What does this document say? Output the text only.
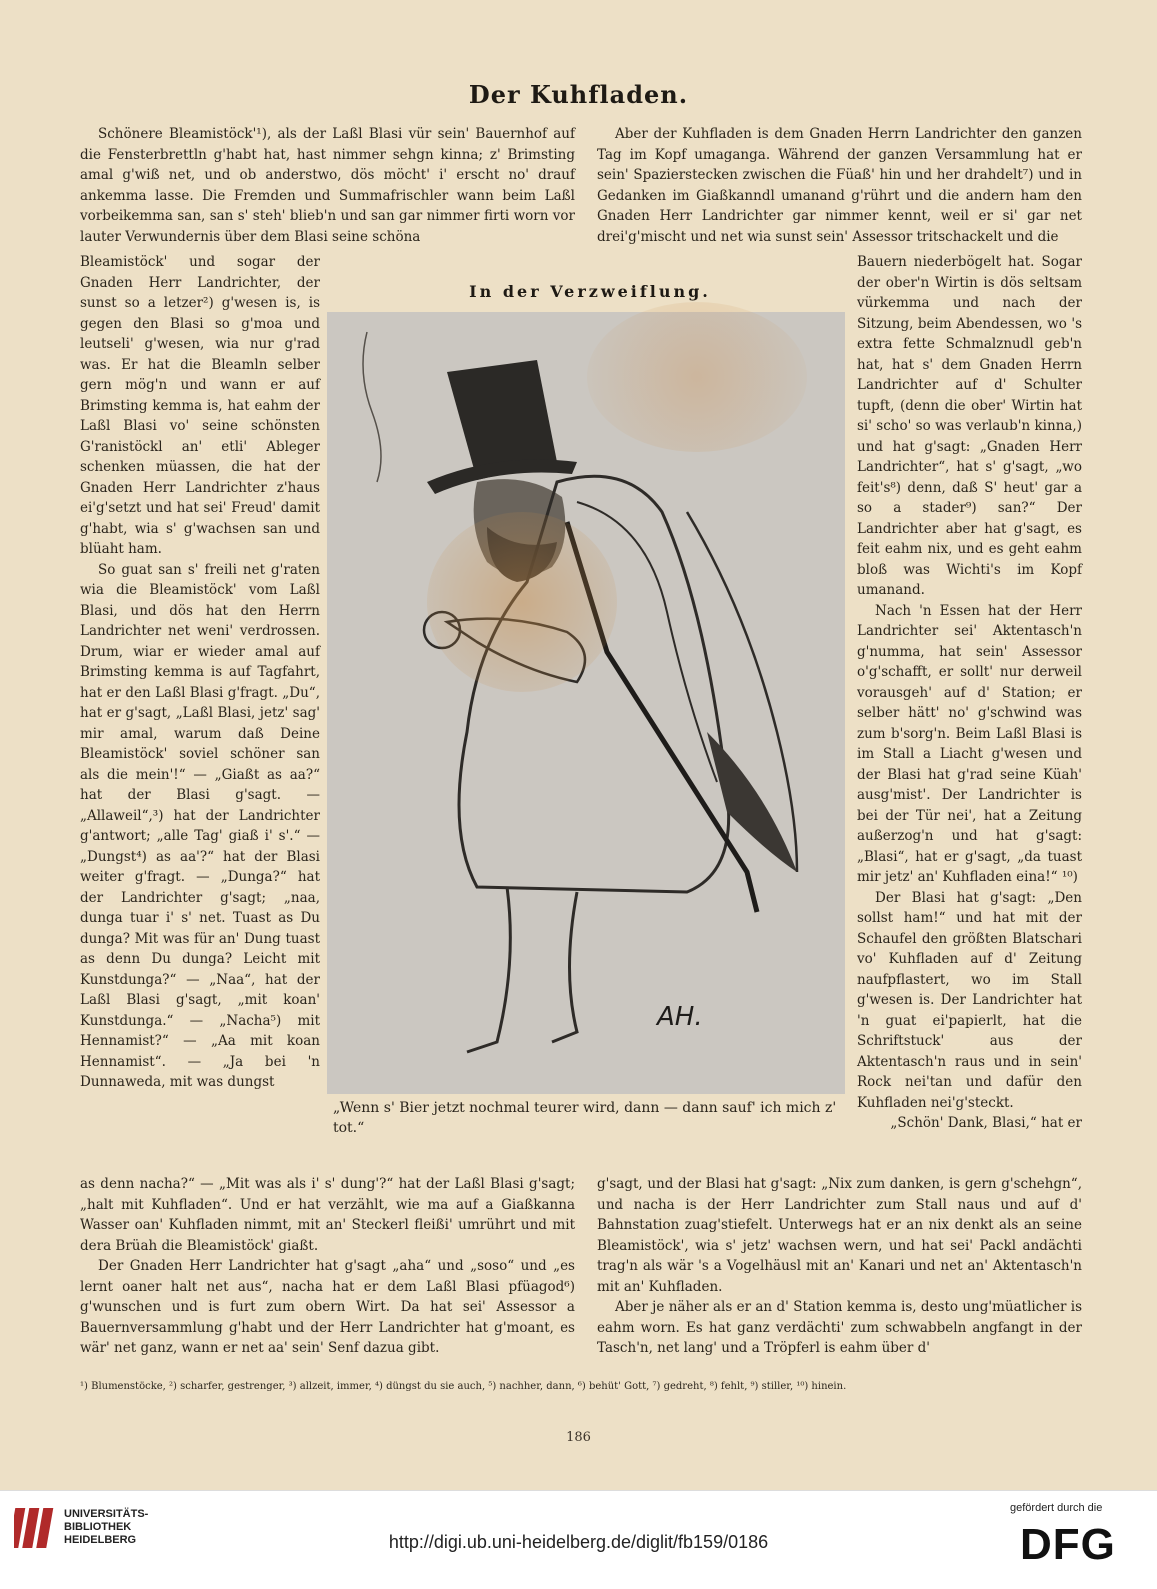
Der Kuhfladen.

Schönere Bleamistöck'¹), als der Laßl Blasi vür sein' Bauernhof auf die Fensterbrettln g'habt hat, hast nimmer sehgn kinna; z' Brimsting amal g'wiß net, und ob anderstwo, dös möcht' i' erscht no' drauf ankemma lasse. Die Fremden und Summafrischler wann beim Laßl vorbeikemma san, san s' steh' blieb'n und san gar nimmer firti worn vor lauter Verwundernis über dem Blasi seine schöna

Aber der Kuhfladen is dem Gnaden Herrn Landrichter den ganzen Tag im Kopf umaganga. Während der ganzen Versammlung hat er sein' Spazierstecken zwischen die Füaß' hin und her drahdelt⁷) und in Gedanken im Giaßkanndl umanand g'rührt und die andern ham den Gnaden Herr Landrichter gar nimmer kennt, weil er si' gar net drei'g'mischt und net wia sunst sein' Assessor tritschackelt und die

Bleamistöck' und sogar der Gnaden Herr Landrichter, der sunst so a letzer²) g'wesen is, is gegen den Blasi so g'moa und leutseli' g'wesen, wia nur g'rad was. Er hat die Bleamln selber gern mög'n und wann er auf Brimsting kemma is, hat eahm der Laßl Blasi vo' seine schönsten G'ranistöckl an' etli' Ableger schenken müassen, die hat der Gnaden Herr Landrichter z'haus ei'g'setzt und hat sei' Freud' damit g'habt, wia s' g'wachsen san und blüaht ham.

So guat san s' freili net g'raten wia die Bleamistöck' vom Laßl Blasi, und dös hat den Herrn Landrichter net weni' verdrossen. Drum, wiar er wieder amal auf Brimsting kemma is auf Tagfahrt, hat er den Laßl Blasi g'fragt. „Du“, hat er g'sagt, „Laßl Blasi, jetz' sag' mir amal, warum daß Deine Bleamistöck' soviel schöner san als die mein'!“ — „Giaßt as aa?“ hat der Blasi g'sagt. — „Allaweil“,³) hat der Landrichter g'antwort; „alle Tag' giaß i' s'.“ — „Dungst⁴) as aa'?“ hat der Blasi weiter g'fragt. — „Dunga?“ hat der Landrichter g'sagt; „naa, dunga tuar i' s' net. Tuast as Du dunga? Mit was für an' Dung tuast as denn Du dunga? Leicht mit Kunstdunga?“ — „Naa“, hat der Laßl Blasi g'sagt, „mit koan' Kunstdunga.“ — „Nacha⁵) mit Hennamist?“ — „Aa mit koan Hennamist“. — „Ja bei 'n Dunnaweda, mit was dungst

In der Verzweiflung.
AH.
„Wenn s' Bier jetzt nochmal teurer wird, dann — dann sauf' ich mich z' tot.“

Bauern niederbögelt hat. Sogar der ober'n Wirtin is dös seltsam vürkemma und nach der Sitzung, beim Abendessen, wo 's extra fette Schmalznudl geb'n hat, hat s' dem Gnaden Herrn Landrichter auf d' Schulter tupft, (denn die ober' Wirtin hat si' scho' so was verlaub'n kinna,) und hat g'sagt: „Gnaden Herr Landrichter“, hat s' g'sagt, „wo feit's⁸) denn, daß S' heut' gar a so a stader⁹) san?“ Der Landrichter aber hat g'sagt, es feit eahm nix, und es geht eahm bloß was Wichti's im Kopf umanand.

Nach 'n Essen hat der Herr Landrichter sei' Aktentasch'n g'numma, hat sein' Assessor o'g'schafft, er sollt' nur derweil vorausgeh' auf d' Station; er selber hätt' no' g'schwind was zum b'sorg'n. Beim Laßl Blasi is im Stall a Liacht g'wesen und der Blasi hat g'rad seine Küah' ausg'mist'. Der Landrichter is bei der Tür nei', hat a Zeitung außerzog'n und hat g'sagt: „Blasi“, hat er g'sagt, „da tuast mir jetz' an' Kuhfladen eina!“ ¹⁰)

Der Blasi hat g'sagt: „Den sollst ham!“ und hat mit der Schaufel den größten Blatschari vo' Kuhfladen auf d' Zeitung naufpflastert, wo im Stall g'wesen is. Der Landrichter hat 'n guat ei'papierlt, hat die Schriftstuck' aus der Aktentasch'n raus und in sein' Rock nei'tan und dafür den Kuhfladen nei'g'steckt.

„Schön' Dank, Blasi,“ hat er

as denn nacha?“ — „Mit was als i' s' dung'?“ hat der Laßl Blasi g'sagt; „halt mit Kuhfladen“. Und er hat verzählt, wie ma auf a Giaßkanna Wasser oan' Kuhfladen nimmt, mit an' Steckerl fleißi' umrührt und mit dera Brüah die Bleamistöck' giaßt.

Der Gnaden Herr Landrichter hat g'sagt „aha“ und „soso“ und „es lernt oaner halt net aus“, nacha hat er dem Laßl Blasi pfüagod⁶) g'wunschen und is furt zum obern Wirt. Da hat sei' Assessor a Bauernversammlung g'habt und der Herr Landrichter hat g'moant, es wär' net ganz, wann er net aa' sein' Senf dazua gibt.

g'sagt, und der Blasi hat g'sagt: „Nix zum danken, is gern g'schehgn“, und nacha is der Herr Landrichter zum Stall naus und auf d' Bahnstation zuag'stiefelt. Unterwegs hat er an nix denkt als an seine Bleamistöck', wia s' jetz' wachsen wern, und hat sei' Packl andächti trag'n als wär 's a Vogelhäusl mit an' Kanari und net an' Aktentasch'n mit an' Kuhfladen.

Aber je näher als er an d' Station kemma is, desto ung'müatlicher is eahm worn. Es hat ganz verdächti' zum schwabbeln angfangt in der Tasch'n, net lang' und a Tröpferl is eahm über d'

¹) Blumenstöcke, ²) scharfer, gestrenger, ³) allzeit, immer, ⁴) düngst du sie auch, ⁵) nachher, dann, ⁶) behüt' Gott, ⁷) gedreht, ⁸) fehlt, ⁹) stiller, ¹⁰) hinein.
186
UNIVERSITÄTS-
BIBLIOTHEK
HEIDELBERG	http://digi.ub.uni-heidelberg.de/diglit/fb159/0186
gefördert durch die
DFG
